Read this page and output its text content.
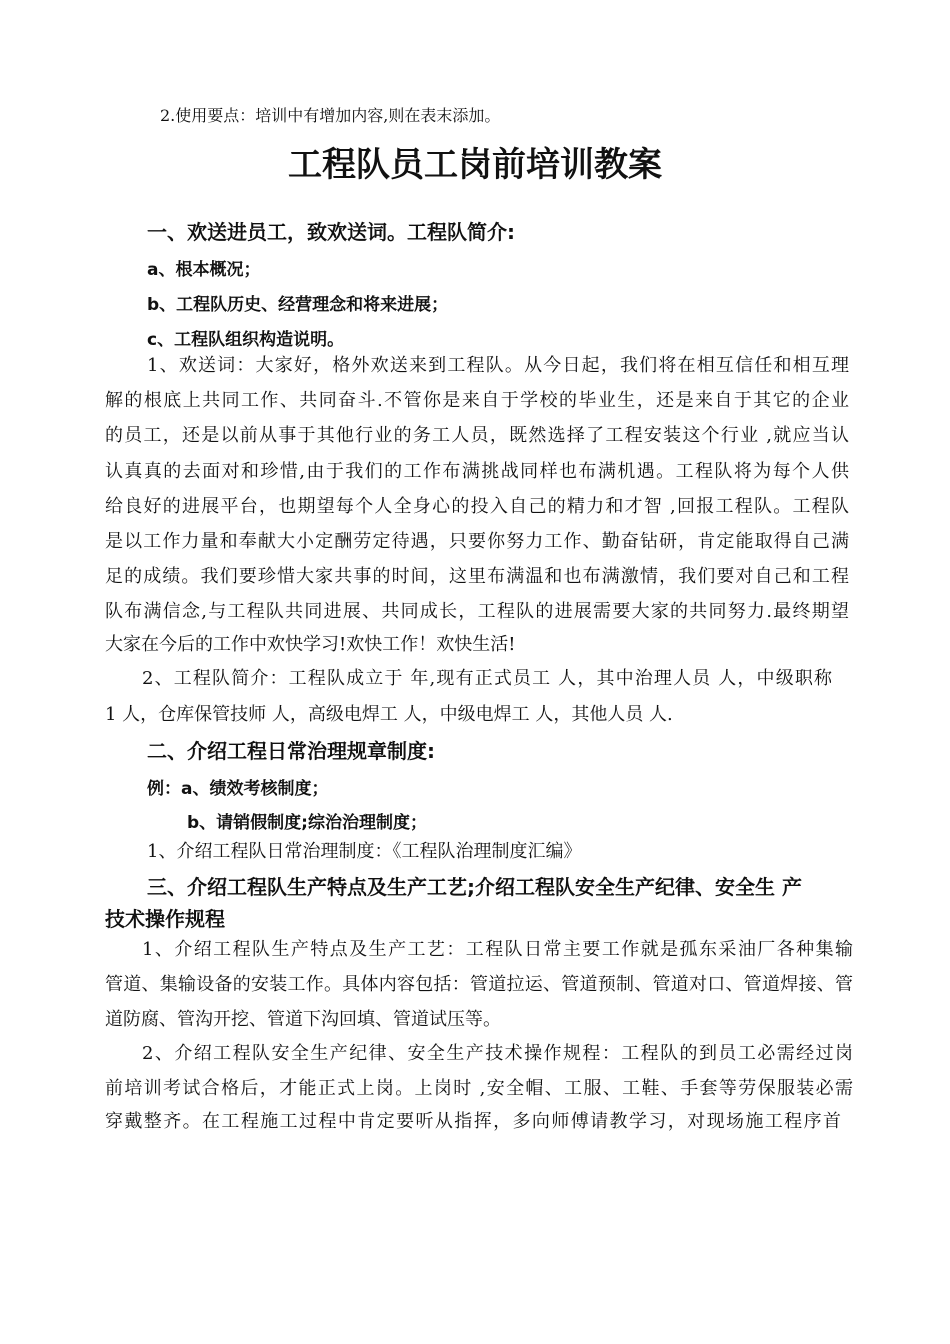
2.使用要点：培训中有增加内容,则在表末添加。
工程队员工岗前培训教案
一、欢送进员工，致欢送词。工程队简介:
a、根本概况；
b、工程队历史、经营理念和将来进展；
c、工程队组织构造说明。
1、欢送词：大家好，格外欢送来到工程队。从今日起，我们将在相互信任和相互理
解的根底上共同工作、共同奋斗.不管你是来自于学校的毕业生，还是来自于其它的企业
的员工，还是以前从事于其他行业的务工人员，既然选择了工程安装这个行业 ,就应当认
认真真的去面对和珍惜,由于我们的工作布满挑战同样也布满机遇。工程队将为每个人供
给良好的进展平台，也期望每个人全身心的投入自己的精力和才智 ,回报工程队。工程队
是以工作力量和奉献大小定酬劳定待遇，只要你努力工作、勤奋钻研，肯定能取得自己满
足的成绩。我们要珍惜大家共事的时间，这里布满温和也布满激情，我们要对自己和工程
队布满信念,与工程队共同进展、共同成长，工程队的进展需要大家的共同努力.最终期望
大家在今后的工作中欢快学习!欢快工作！欢快生活!
2、工程队简介：工程队成立于 年,现有正式员工 人，其中治理人员 人，中级职称
1 人，仓库保管技师 人，高级电焊工 人，中级电焊工 人，其他人员 人.
二、介绍工程日常治理规章制度:
例：a、绩效考核制度；
b、请销假制度;综治治理制度；
1、介绍工程队日常治理制度：《工程队治理制度汇编》
三、介绍工程队生产特点及生产工艺;介绍工程队安全生产纪律、安全生 产
技术操作规程
1、介绍工程队生产特点及生产工艺：工程队日常主要工作就是孤东采油厂各种集输
管道、集输设备的安装工作。具体内容包括：管道拉运、管道预制、管道对口、管道焊接、管
道防腐、管沟开挖、管道下沟回填、管道试压等。
2、介绍工程队安全生产纪律、安全生产技术操作规程：工程队的到员工必需经过岗
前培训考试合格后，才能正式上岗。上岗时 ,安全帽、工服、工鞋、手套等劳保服装必需
穿戴整齐。在工程施工过程中肯定要听从指挥，多向师傅请教学习，对现场施工程序首
